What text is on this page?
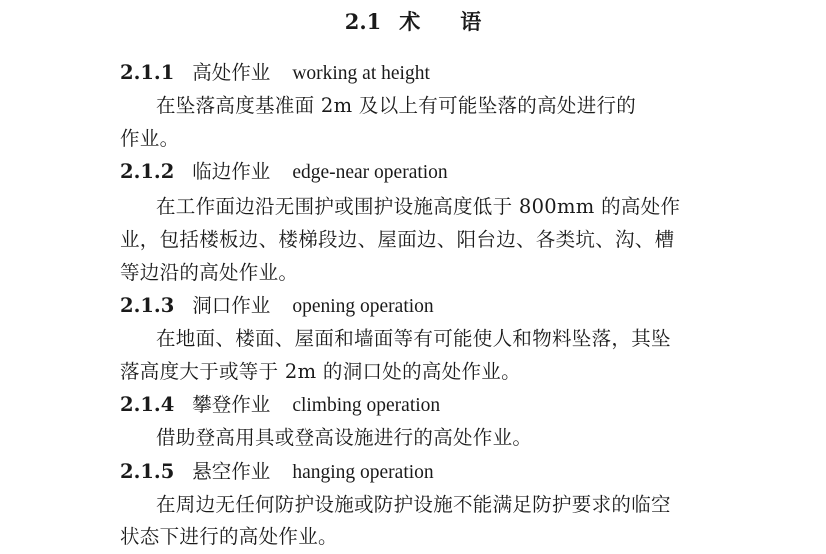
2.1 术 语
2.1.1 高处作业 working at height
在坠落高度基准面 2m 及以上有可能坠落的高处进行的
作业。
2.1.2 临边作业 edge-near operation
在工作面边沿无围护或围护设施高度低于 800mm 的高处作
业，包括楼板边、楼梯段边、屋面边、阳台边、各类坑、沟、槽
等边沿的高处作业。
2.1.3 洞口作业 opening operation
在地面、楼面、屋面和墙面等有可能使人和物料坠落，其坠
落高度大于或等于 2m 的洞口处的高处作业。
2.1.4 攀登作业 climbing operation
借助登高用具或登高设施进行的高处作业。
2.1.5 悬空作业 hanging operation
在周边无任何防护设施或防护设施不能满足防护要求的临空
状态下进行的高处作业。
